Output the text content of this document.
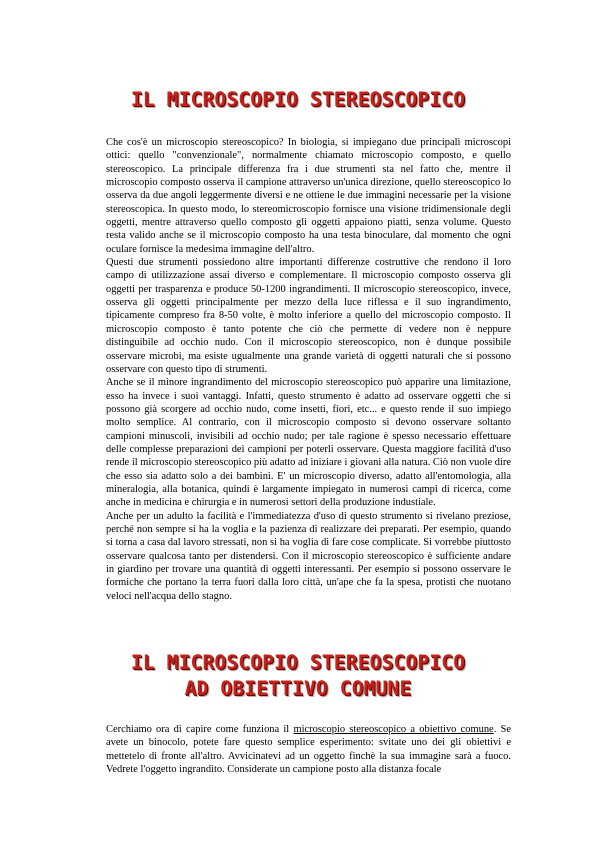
IL MICROSCOPIO STEREOSCOPICO

Che cos'è un microscopio stereoscopico? In biologia, si impiegano due principali microscopi ottici: quello "convenzionale", normalmente chiamato microscopio composto, e quello stereoscopico. La principale differenza fra i due strumenti sta nel fatto che, mentre il microscopio composto osserva il campione attraverso un'unica direzione, quello stereoscopico lo osserva da due angoli leggermente diversi e ne ottiene le due immagini necessarie per la visione stereoscopica. In questo modo, lo stereomicroscopio fornisce una visione tridimensionale degli oggetti, mentre attraverso quello composto gli oggetti appaiono piatti, senza volume. Questo resta valido anche se il microscopio composto ha una testa binoculare, dal momento che ogni oculare fornisce la medesima immagine dell'altro.

Questi due strumenti possiedono altre importanti differenze costruttive che rendono il loro campo di utilizzazione assai diverso e complementare. Il microscopio composto osserva gli oggetti per trasparenza e produce 50-1200 ingrandimenti. Il microscopio stereoscopico, invece, osserva gli oggetti principalmente per mezzo della luce riflessa e il suo ingrandimento, tipicamente compreso fra 8-50 volte, è molto inferiore a quello del microscopio composto. Il microscopio composto è tanto potente che ciò che permette di vedere non è neppure distinguibile ad occhio nudo. Con il microscopio stereoscopico, non è dunque possibile osservare microbi, ma esiste ugualmente una grande varietà di oggetti naturali che si possono osservare con questo tipo di strumenti.

Anche se il minore ingrandimento del microscopio stereoscopico può apparire una limitazione, esso ha invece i suoi vantaggi. Infatti, questo strumento è adatto ad osservare oggetti che si possono già scorgere ad occhio nudo, come insetti, fiori, etc... e questo rende il suo impiego molto semplice. Al contrario, con il microscopio composto si devono osservare soltanto campioni minuscoli, invisibili ad occhio nudo; per tale ragione è spesso necessario effettuare delle complesse preparazioni dei campioni per poterli osservare. Questa maggiore facilità d'uso rende il microscopio stereoscopico più adatto ad iniziare i giovani alla natura. Ciò non vuole dire che esso sia adatto solo a dei bambini. E' un microscopio diverso, adatto all'entomologia, alla mineralogia, alla botanica, quindi è largamente impiegato in numerosi campi di ricerca, come anche in medicina e chirurgia e in numerosi settori della produzione industiale.

Anche per un adulto la facilità e l'immediatezza d'uso di questo strumento si rivelano preziose, perché non sempre si ha la voglia e la pazienza di realizzare dei preparati. Per esempio, quando si torna a casa dal lavoro stressati, non si ha voglia di fare cose complicate. Si vorrebbe piuttosto osservare qualcosa tanto per distendersi. Con il microscopio stereoscopico è sufficiente andare in giardino per trovare una quantità di oggetti interessanti. Per esempio si possono osservare le formiche che portano la terra fuori dalla loro città, un'ape che fa la spesa, protisti che nuotano veloci nell'acqua dello stagno.

IL MICROSCOPIO STEREOSCOPICO
AD OBIETTIVO COMUNE

Cerchiamo ora di capire come funziona il microscopio stereoscopico a obiettivo comune. Se avete un binocolo, potete fare questo semplice esperimento: svitate uno dei gli obiettivi e mettetelo di fronte all'altro. Avvicinatevi ad un oggetto finchè la sua immagine sarà a fuoco. Vedrete l'oggetto ingrandito. Considerate un campione posto alla distanza focale
